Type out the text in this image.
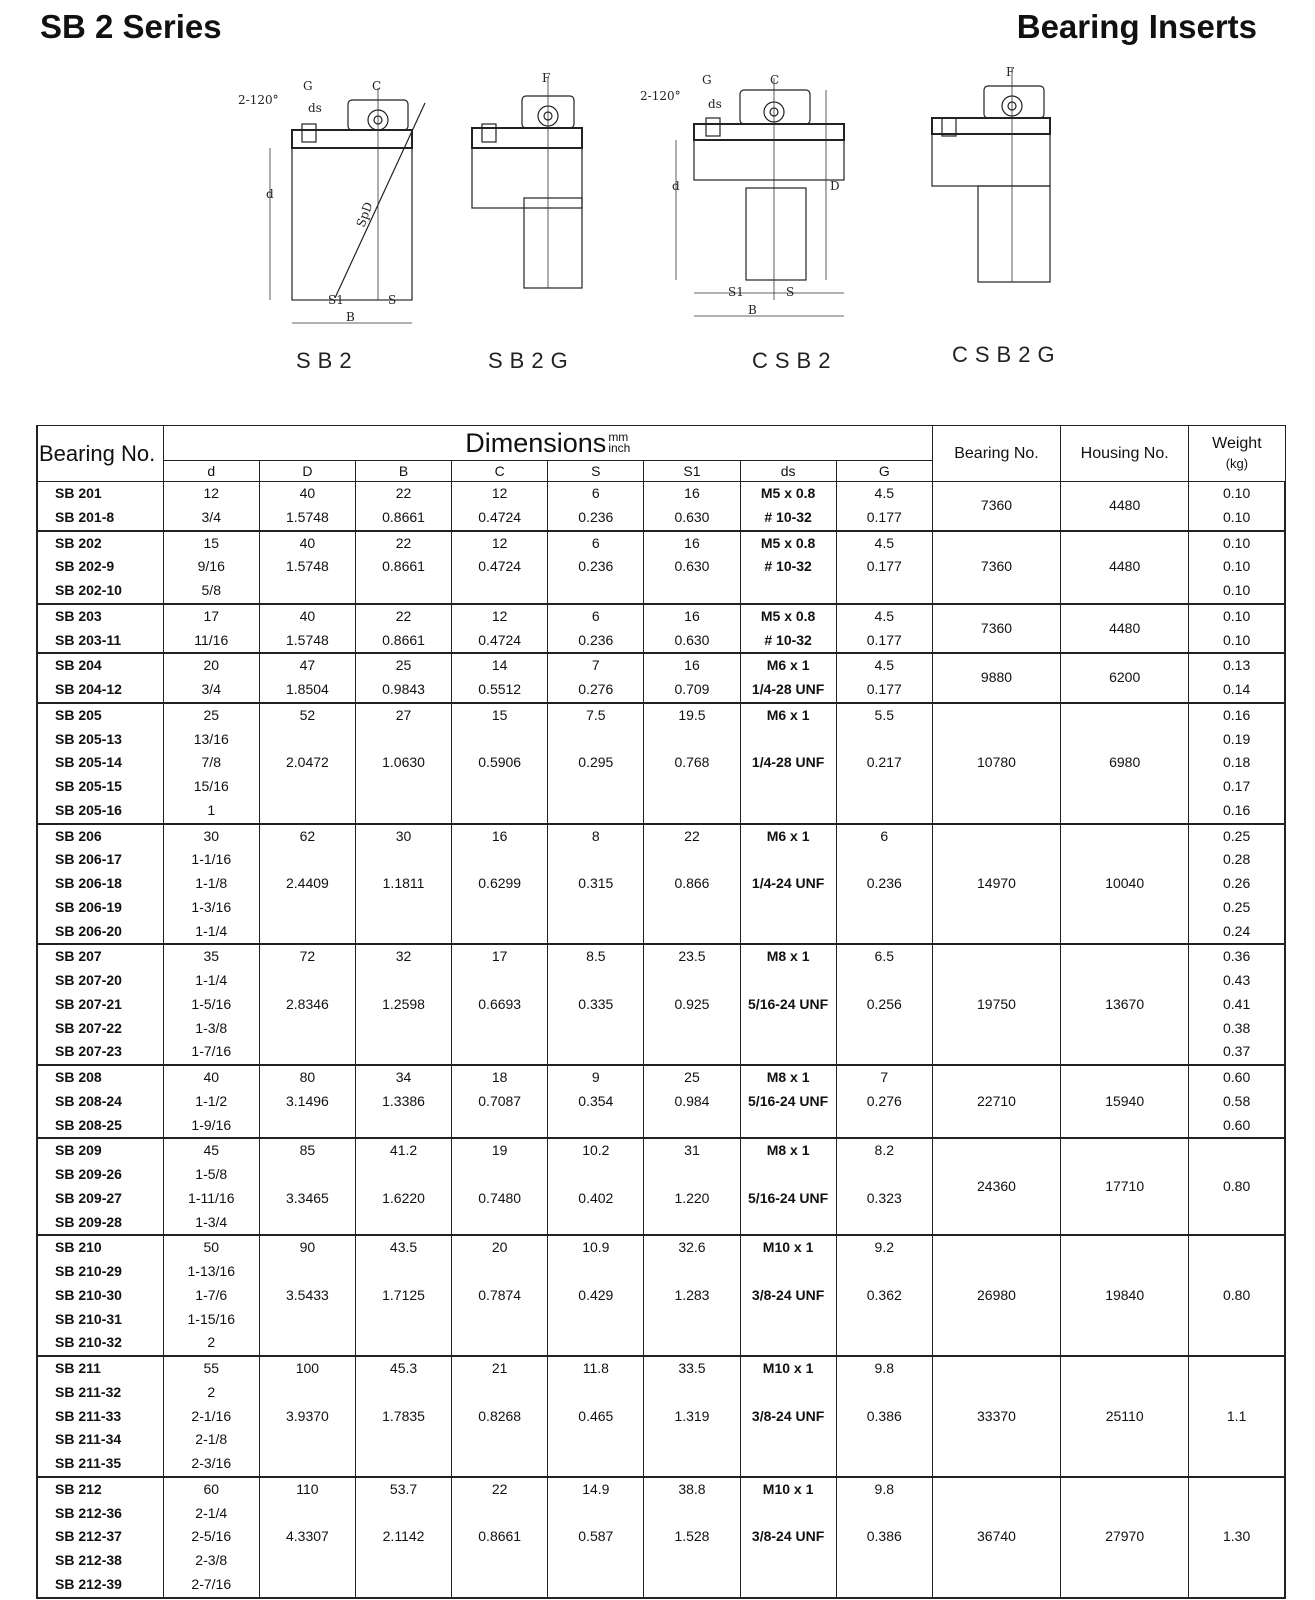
SB 2 Series	Bearing Inserts
2-120°
G	C
ds
SpD
d
S1	S
B
SB2
F
SB2G
2-120°
G	C
ds
d	D
S1	S
B
CSB2
F
CSB2G
Bearing No.	Dimensions $^{mm inch}$								Bearing No.	Housing No.	Weight
(kg)
	d	D	B	C	S	S1	ds	G			
SB 201	12	40	22	12	6	16	M5 x 0.8	4.5	7360	4480	0.10
SB 201-8	3/4	1.5748	0.8661	0.4724	0.236	0.630	# 10-32	0.177			0.10
SB 202	15	40	22	12	6	16	M5 x 0.8	4.5	7360	4480	0.10
SB 202-9	9/16	1.5748	0.8661	0.4724	0.236	0.630	# 10-32	0.177			0.10
SB 202-10	5/8										0.10
SB 203	17	40	22	12	6	16	M5 x 0.8	4.5	7360	4480	0.10
SB 203-11	11/16	1.5748	0.8661	0.4724	0.236	0.630	# 10-32	0.177			0.10
SB 204	20	47	25	14	7	16	M6 x 1	4.5	9880	6200	0.13
SB 204-12	3/4	1.8504	0.9843	0.5512	0.276	0.709	1/4-28 UNF	0.177			0.14
SB 205	25	52	27	15	7.5	19.5	M6 x 1	5.5	10780	6980	0.16
SB 205-13	13/16										0.19
SB 205-14	7/8	2.0472	1.0630	0.5906	0.295	0.768	1/4-28 UNF	0.217			0.18
SB 205-15	15/16										0.17
SB 205-16	1										0.16
SB 206	30	62	30	16	8	22	M6 x 1	6	14970	10040	0.25
SB 206-17	1-1/16										0.28
SB 206-18	1-1/8	2.4409	1.1811	0.6299	0.315	0.866	1/4-24 UNF	0.236			0.26
SB 206-19	1-3/16										0.25
SB 206-20	1-1/4										0.24
SB 207	35	72	32	17	8.5	23.5	M8 x 1	6.5	19750	13670	0.36
SB 207-20	1-1/4										0.43
SB 207-21	1-5/16	2.8346	1.2598	0.6693	0.335	0.925	5/16-24 UNF	0.256			0.41
SB 207-22	1-3/8										0.38
SB 207-23	1-7/16										0.37
SB 208	40	80	34	18	9	25	M8 x 1	7	22710	15940	0.60
SB 208-24	1-1/2	3.1496	1.3386	0.7087	0.354	0.984	5/16-24 UNF	0.276			0.58
SB 208-25	1-9/16										0.60
SB 209	45	85	41.2	19	10.2	31	M8 x 1	8.2	24360	17710	0.80
SB 209-26	1-5/8										
SB 209-27	1-11/16	3.3465	1.6220	0.7480	0.402	1.220	5/16-24 UNF	0.323			
SB 209-28	1-3/4										
SB 210	50	90	43.5	20	10.9	32.6	M10 x 1	9.2	26980	19840	0.80
SB 210-29	1-13/16										
SB 210-30	1-7/6	3.5433	1.7125	0.7874	0.429	1.283	3/8-24 UNF	0.362			
SB 210-31	1-15/16										
SB 210-32	2										
SB 211	55	100	45.3	21	11.8	33.5	M10 x 1	9.8	33370	25110	1.1
SB 211-32	2										
SB 211-33	2-1/16	3.9370	1.7835	0.8268	0.465	1.319	3/8-24 UNF	0.386			
SB 211-34	2-1/8										
SB 211-35	2-3/16										
SB 212	60	110	53.7	22	14.9	38.8	M10 x 1	9.8	36740	27970	1.30
SB 212-36	2-1/4										
SB 212-37	2-5/16	4.3307	2.1142	0.8661	0.587	1.528	3/8-24 UNF	0.386			
SB 212-38	2-3/8										
SB 212-39	2-7/16										
